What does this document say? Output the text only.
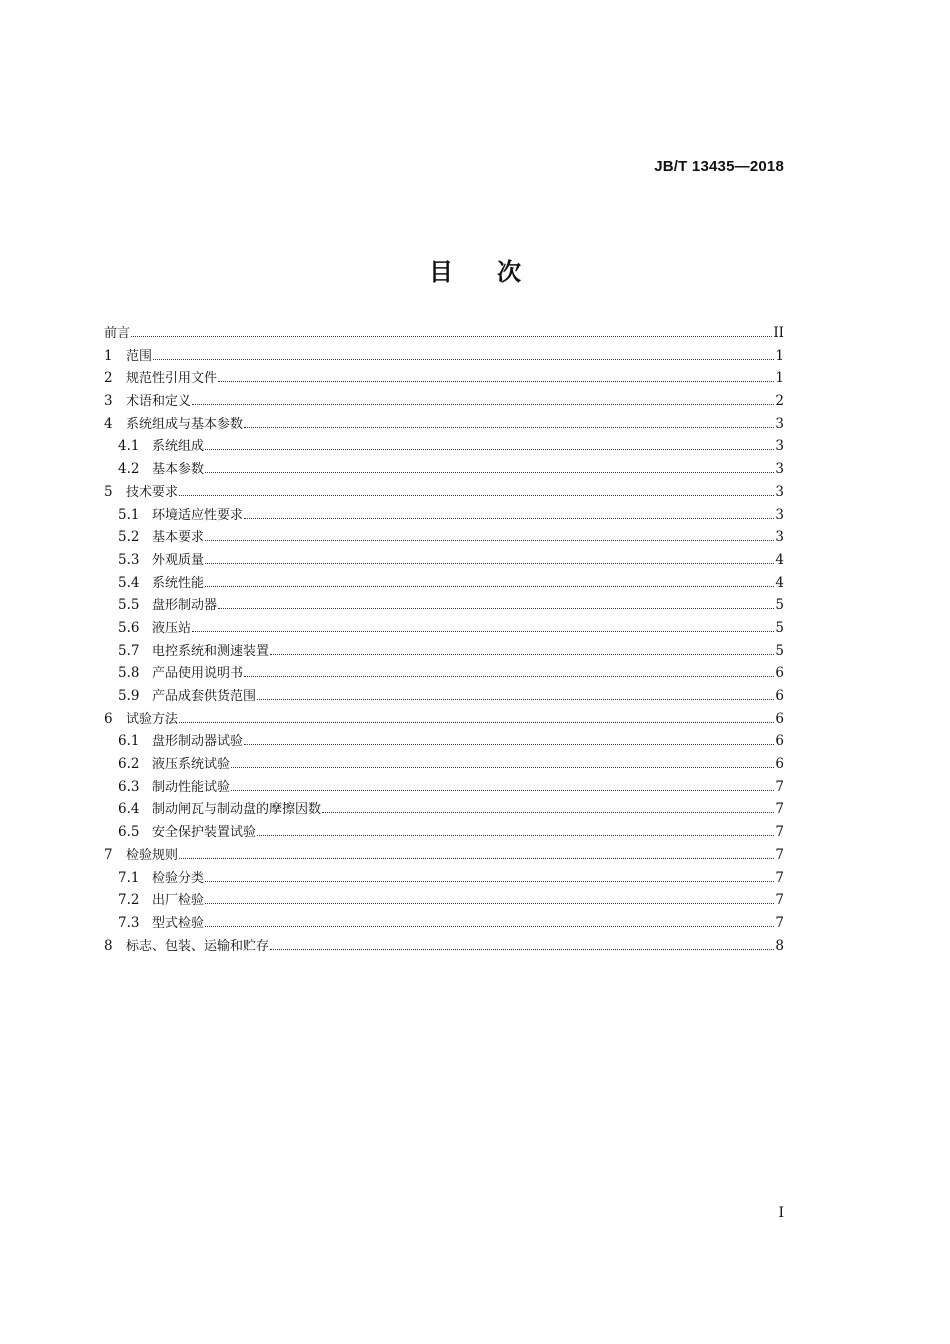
JB/T 13435—2018
目 次
前言	II
1	范围	1
2	规范性引用文件	1
3	术语和定义	2
4	系统组成与基本参数	3
4.1 系统组成	3
4.2 基本参数	3
5	技术要求	3
5.1 环境适应性要求	3
5.2 基本要求	3
5.3 外观质量	4
5.4 系统性能	4
5.5 盘形制动器	5
5.6 液压站	5
5.7 电控系统和测速装置	5
5.8 产品使用说明书	6
5.9 产品成套供货范围	6
6	试验方法	6
6.1 盘形制动器试验	6
6.2 液压系统试验	6
6.3 制动性能试验	7
6.4 制动闸瓦与制动盘的摩擦因数	7
6.5 安全保护装置试验	7
7	检验规则	7
7.1 检验分类	7
7.2 出厂检验	7
7.3 型式检验	7
8	标志、包装、运输和贮存	8
I
